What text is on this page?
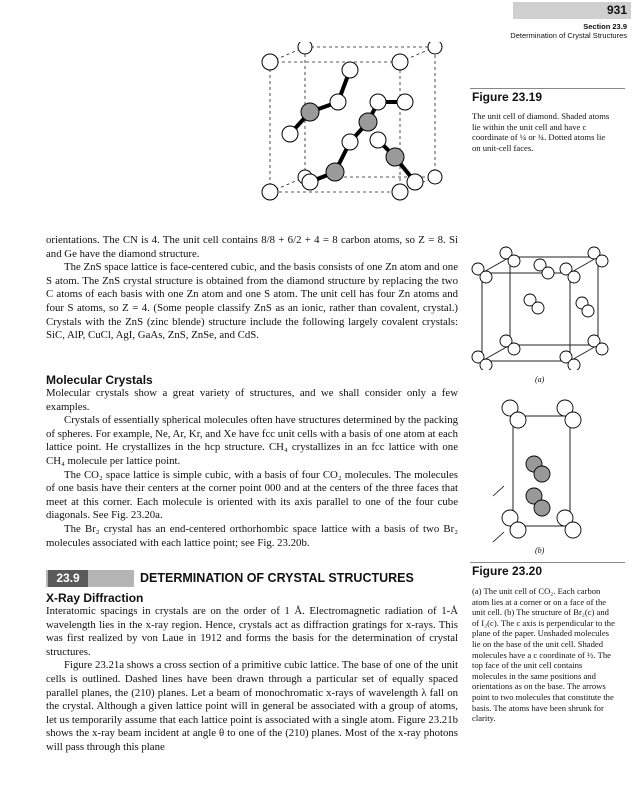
931
Section 23.9
Determination of Crystal Structures
Figure 23.19
The unit cell of diamond. Shaded atoms lie within the unit cell and have c coordinate of ¼ or ¾. Dotted atoms lie on unit-cell faces.
(a)
(b)
Figure 23.20
(a) The unit cell of CO₂. Each carbon atom lies at a corner or on a face of the unit cell. (b) The structure of Br₂(c) and of I₂(c). The c axis is perpendicular to the plane of the paper. Unshaded molecules lie on the base of the unit cell. Shaded molecules have a c coordinate of ½. The top face of the unit cell contains molecules in the same positions and orientations as on the base. The arrows point to two molecules that constitute the basis. The atoms have been shrunk for clarity.

orientations. The CN is 4. The unit cell contains 8/8 + 6/2 + 4 = 8 carbon atoms, so Z = 8. Si and Ge have the diamond structure.

The ZnS space lattice is face-centered cubic, and the basis consists of one Zn atom and one S atom. The ZnS crystal structure is obtained from the diamond structure by replacing the two C atoms of each basis with one Zn atom and one S atom. The unit cell has four Zn atoms and four S atoms, so Z = 4. (Some people classify ZnS as an ionic, rather than covalent, crystal.) Crystals with the ZnS (zinc blende) structure include the following largely covalent crystals: SiC, AlP, CuCl, AgI, GaAs, ZnS, ZnSe, and CdS.

Molecular Crystals

Molecular crystals show a great variety of structures, and we shall consider only a few examples.

Crystals of essentially spherical molecules often have structures determined by the packing of spheres. For example, Ne, Ar, Kr, and Xe have fcc unit cells with a basis of one atom at each lattice point. He crystallizes in the hcp structure. CH₄ crystallizes in an fcc lattice with one CH₄ molecule per lattice point.

The CO₂ space lattice is simple cubic, with a basis of four CO₂ molecules. The molecules of one basis have their centers at the corner point 000 and at the centers of the three faces that meet at this corner. Each molecule is oriented with its axis parallel to one of the four cube diagonals. See Fig. 23.20a.

The Br₂ crystal has an end-centered orthorhombic space lattice with a basis of two Br₂ molecules associated with each lattice point; see Fig. 23.20b.

23.9	DETERMINATION OF CRYSTAL STRUCTURES
X-Ray Diffraction

Interatomic spacings in crystals are on the order of 1 Å. Electromagnetic radiation of 1-Å wavelength lies in the x-ray region. Hence, crystals act as diffraction gratings for x-rays. This was first realized by von Laue in 1912 and forms the basis for the determination of crystal structures.

Figure 23.21a shows a cross section of a primitive cubic lattice. The base of one of the unit cells is outlined. Dashed lines have been drawn through a particular set of equally spaced parallel planes, the (210) planes. Let a beam of monochromatic x-rays of wavelength λ fall on the crystal. Although a given lattice point will in general be associated with a group of atoms, let us temporarily assume that each lattice point is associated with a single atom. Figure 23.21b shows the x-ray beam incident at angle θ to one of the (210) planes. Most of the x-ray photons will pass through this plane
